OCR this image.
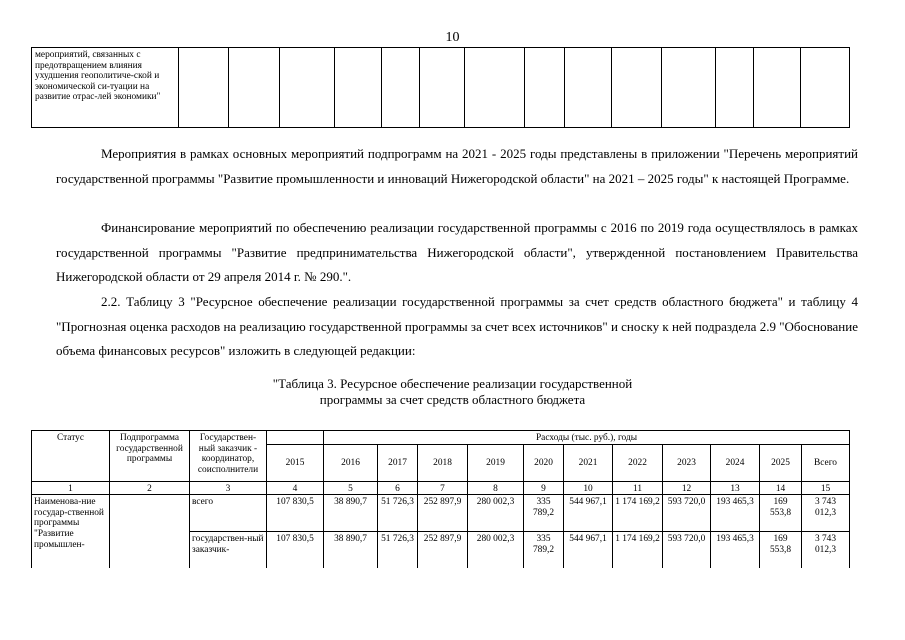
10
мероприятий, связанных с предотвращением влияния ухудшения геополитиче-ской и экономической си-туации на развитие отрас-лей экономики"														

Мероприятия в рамках основных мероприятий подпрограмм на 2021 - 2025 годы представлены в приложении "Перечень мероприятий государственной программы "Развитие промышленности и инноваций Нижегородской области" на 2021 – 2025 годы" к настоящей Программе.

Финансирование мероприятий по обеспечению реализации государственной программы с 2016 по 2019 года осуществлялось в рамках государственной программы "Развитие предпринимательства Нижегородской области", утвержденной постановлением Правительства Нижегородской области от 29 апреля 2014 г. № 290.".

2.2. Таблицу 3 "Ресурсное обеспечение реализации государственной программы за счет средств областного бюджета" и таблицу 4 "Прогнозная оценка расходов на реализацию государственной программы за счет всех источников" и сноску к ней подраздела 2.9 "Обоснование объема финансовых ресурсов" изложить в следующей редакции:

"Таблица 3. Ресурсное обеспечение реализации государственной
программы за счет средств областного бюджета
Статус	Подпрограмма государственной программы	Государствен-ный заказчик - координатор, соисполнители		Расходы (тыс. руб.), годы										
			2015	2016	2017	2018	2019	2020	2021	2022	2023	2024	2025	Всего
1	2	3	4	5	6	7	8	9	10	11	12	13	14	15
Наименова-ние государ-ственной программы "Развитие промышлен-		всего	107 830,5	38 890,7	51 726,3	252 897,9	280 002,3	335 789,2	544 967,1	1 174 169,2	593 720,0	193 465,3	169 553,8	3 743 012,3
		государствен-ный заказчик-	107 830,5	38 890,7	51 726,3	252 897,9	280 002,3	335 789,2	544 967,1	1 174 169,2	593 720,0	193 465,3	169 553,8	3 743 012,3
